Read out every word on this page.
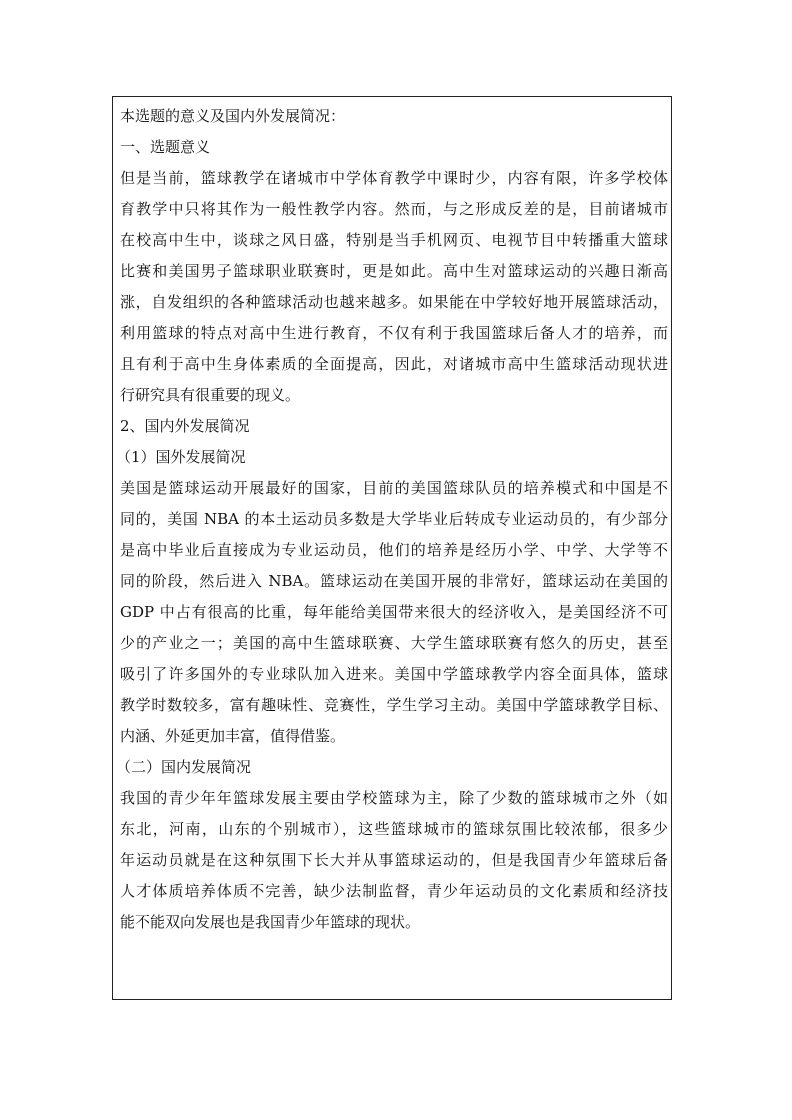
本选题的意义及国内外发展简况：
一、选题意义
但是当前，篮球教学在诸城市中学体育教学中课时少，内容有限，许多学校体
育教学中只将其作为一般性教学内容。然而，与之形成反差的是，目前诸城市
在校高中生中，谈球之风日盛，特别是当手机网页、电视节目中转播重大篮球
比赛和美国男子篮球职业联赛时，更是如此。高中生对篮球运动的兴趣日渐高
涨，自发组织的各种篮球活动也越来越多。如果能在中学较好地开展篮球活动，
利用篮球的特点对高中生进行教育，不仅有利于我国篮球后备人才的培养，而
且有利于高中生身体素质的全面提高，因此，对诸城市高中生篮球活动现状进
行研究具有很重要的现义。
2、国内外发展简况
（1）国外发展简况
美国是篮球运动开展最好的国家，目前的美国篮球队员的培养模式和中国是不
同的，美国 NBA 的本土运动员多数是大学毕业后转成专业运动员的，有少部分
是高中毕业后直接成为专业运动员，他们的培养是经历小学、中学、大学等不
同的阶段，然后进入 NBA。篮球运动在美国开展的非常好，篮球运动在美国的
GDP 中占有很高的比重，每年能给美国带来很大的经济收入，是美国经济不可
少的产业之一；美国的高中生篮球联赛、大学生篮球联赛有悠久的历史，甚至
吸引了许多国外的专业球队加入进来。美国中学篮球教学内容全面具体，篮球
教学时数较多，富有趣味性、竞赛性，学生学习主动。美国中学篮球教学目标、
内涵、外延更加丰富，值得借鉴。
（二）国内发展简况
我国的青少年年篮球发展主要由学校篮球为主，除了少数的篮球城市之外（如
东北，河南，山东的个别城市），这些篮球城市的篮球氛围比较浓郁，很多少
年运动员就是在这种氛围下长大并从事篮球运动的，但是我国青少年篮球后备
人才体质培养体质不完善，缺少法制监督，青少年运动员的文化素质和经济技
能不能双向发展也是我国青少年篮球的现状。
